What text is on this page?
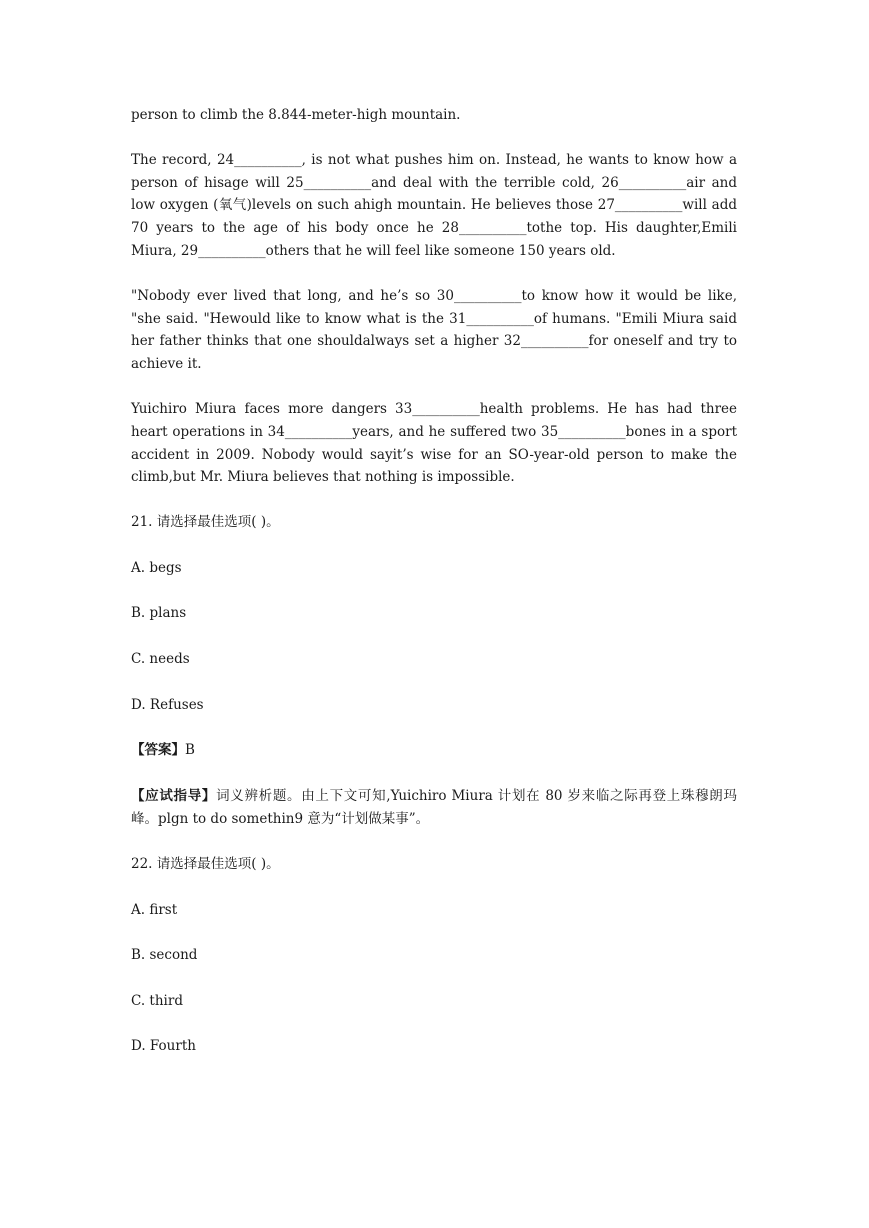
person to climb the 8.844-meter-high mountain.

The record, 24__________, is not what pushes him on. Instead, he wants to know how a person of hisage will 25__________and deal with the terrible cold, 26__________air and low oxygen (氧气)levels on such ahigh mountain. He believes those 27__________will add 70 years to the age of his body once he 28__________tothe top. His daughter,Emili Miura, 29__________others that he will feel like someone 150 years old.

"Nobody ever lived that long, and he’s so 30__________to know how it would be like, "she said. "Hewould like to know what is the 31__________of humans. "Emili Miura said her father thinks that one shouldalways set a higher 32__________for oneself and try to achieve it.

Yuichiro Miura faces more dangers 33__________health problems. He has had three heart operations in 34__________years, and he suffered two 35__________bones in a sport accident in 2009. Nobody would sayit’s wise for an SO-year-old person to make the climb,but Mr. Miura believes that nothing is impossible.

21. 请选择最佳选项( )。

A. begs

B. plans

C. needs

D. Refuses

【答案】B

【应试指导】词义辨析题。由上下文可知,Yuichiro Miura 计划在 80 岁来临之际再登上珠穆朗玛峰。plgn to do somethin9 意为“计划做某事”。

22. 请选择最佳选项( )。

A. first

B. second

C. third

D. Fourth
